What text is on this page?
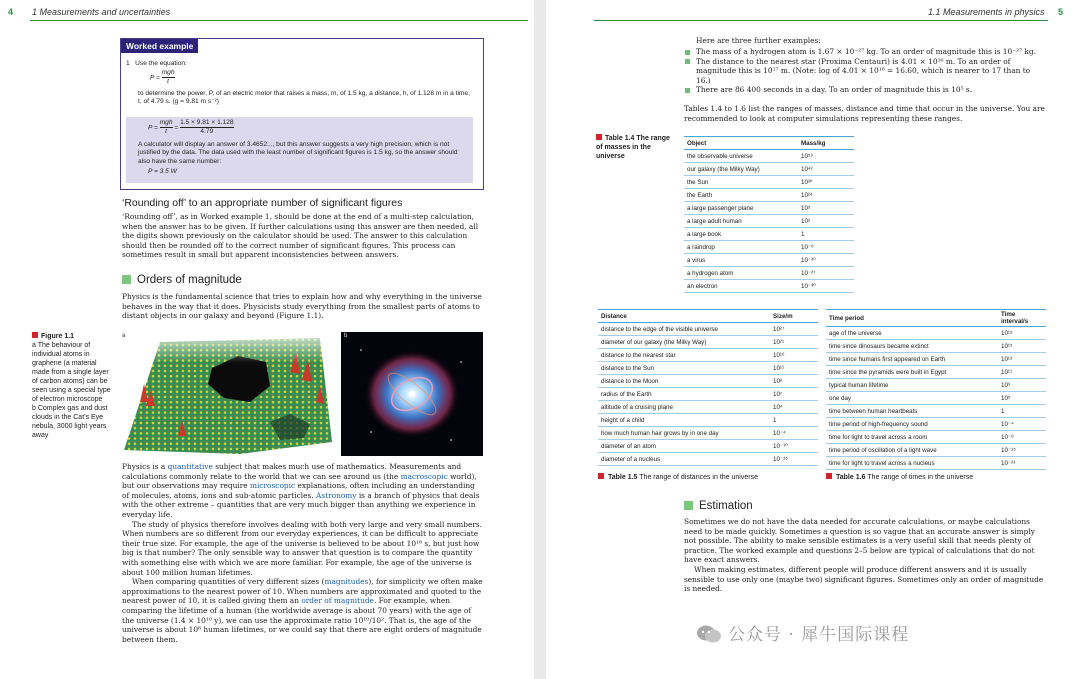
4 1 Measurements and uncertainties
Worked example
1 Use the equation:
$P = \frac{\text{mgh}}{t}$
to determine the power, P, of an electric motor that raises a mass, m, of 1.5 kg, a distance, h, of 1.128 m in a time, t, of 4.79 s. (g = 9.81 m s⁻²)
$P = \frac{\text{mgh}}{t} = \frac{1.5 \times 9.81 \times 1.128}{4.79}$
A calculator will display an answer of 3.4652..., but this answer suggests a very high precision, which is not justified by the data. The data used with the least number of significant figures is 1.5 kg, so the answer should also have the same number:
P = 3.5 W
‘Rounding off’ to an appropriate number of significant figures
‘Rounding off’, as in Worked example 1, should be done at the end of a multi-step calculation, when the answer has to be given. If further calculations using this answer are then needed, all the digits shown previously on the calculator should be used. The answer to this calculation should then be rounded off to the correct number of significant figures. This process can sometimes result in small but apparent inconsistencies between answers.
Orders of magnitude
Physics is the fundamental science that tries to explain how and why everything in the universe behaves in the way that it does. Physicists study everything from the smallest parts of atoms to distant objects in our galaxy and beyond (Figure 1.1).
Figure 1.1
a The behaviour of individual atoms in graphene (a material made from a single layer of carbon atoms) can be seen using a special type of electron microscope
b Complex gas and dust clouds in the Cat’s Eye nebula, 3000 light years away
a	b

Physics is a quantitative subject that makes much use of mathematics. Measurements and calculations commonly relate to the world that we can see around us (the macroscopic world), but our observations may require microscopic explanations, often including an understanding of molecules, atoms, ions and sub-atomic particles. Astronomy is a branch of physics that deals with the other extreme – quantities that are very much bigger than anything we experience in everyday life.

The study of physics therefore involves dealing with both very large and very small numbers. When numbers are so different from our everyday experiences, it can be difficult to appreciate their true size. For example, the age of the universe is believed to be about 10¹⁸ s, but just how big is that number? The only sensible way to answer that question is to compare the quantity with something else with which we are more familiar. For example, the age of the universe is about 100 million human lifetimes.

When comparing quantities of very different sizes (magnitudes), for simplicity we often make approximations to the nearest power of 10. When numbers are approximated and quoted to the nearest power of 10, it is called giving them an order of magnitude. For example, when comparing the lifetime of a human (the worldwide average is about 70 years) with the age of the universe (1.4 × 10¹⁰ y), we can use the approximate ratio 10¹⁰/10². That is, the age of the universe is about 10⁸ human lifetimes, or we could say that there are eight orders of magnitude between them.

1.1 Measurements in physics 5
Here are three further examples:
The mass of a hydrogen atom is 1.67 × 10⁻²⁷ kg. To an order of magnitude this is 10⁻²⁷ kg.
The distance to the nearest star (Proxima Centauri) is 4.01 × 10¹⁶ m. To an order of magnitude this is 10¹⁷ m. (Note: log of 4.01 × 10¹⁶ = 16.60, which is nearer to 17 than to 16.)
There are 86 400 seconds in a day. To an order of magnitude this is 10⁵ s.
Tables 1.4 to 1.6 list the ranges of masses, distance and time that occur in the universe. You are recommended to look at computer simulations representing these ranges.
Table 1.4 The range of masses in the universe
Object	Mass/kg
the observable universe	10⁵³
our galaxy (the Milky Way)	10⁴²
the Sun	10³⁰
the Earth	10²⁴
a large passenger plane	10⁵
a large adult human	10²
a large book	1
a raindrop	10⁻⁶
a virus	10⁻²⁰
a hydrogen atom	10⁻²⁷
an electron	10⁻³⁰
Distance	Size/m
distance to the edge of the visible universe	10²⁷
diameter of our galaxy (the Milky Way)	10²¹
distance to the nearest star	10¹⁶
distance to the Sun	10¹¹
distance to the Moon	10⁸
radius of the Earth	10⁷
altitude of a cruising plane	10⁴
height of a child	1
how much human hair grows by in one day	10⁻⁴
diameter of an atom	10⁻¹⁰
diameter of a nucleus	10⁻¹⁵
Table 1.5 The range of distances in the universe
Time period	Time interval/s
age of the universe	10¹⁸
time since dinosaurs became extinct	10¹⁵
time since humans first appeared on Earth	10¹³
time since the pyramids were built in Egypt	10¹¹
typical human lifetime	10⁹
one day	10⁵
time between human heartbeats	1
time period of high-frequency sound	10⁻⁴
time for light to travel across a room	10⁻⁸
time period of oscillation of a light wave	10⁻¹⁵
time for light to travel across a nucleus	10⁻²³
Table 1.6 The range of times in the universe
Estimation

Sometimes we do not have the data needed for accurate calculations, or maybe calculations need to be made quickly. Sometimes a question is so vague that an accurate answer is simply not possible. The ability to make sensible estimates is a very useful skill that needs plenty of practice. The worked example and questions 2–5 below are typical of calculations that do not have exact answers.

When making estimates, different people will produce different answers and it is usually sensible to use only one (maybe two) significant figures. Sometimes only an order of magnitude is needed.

公众号 · 犀牛国际课程
